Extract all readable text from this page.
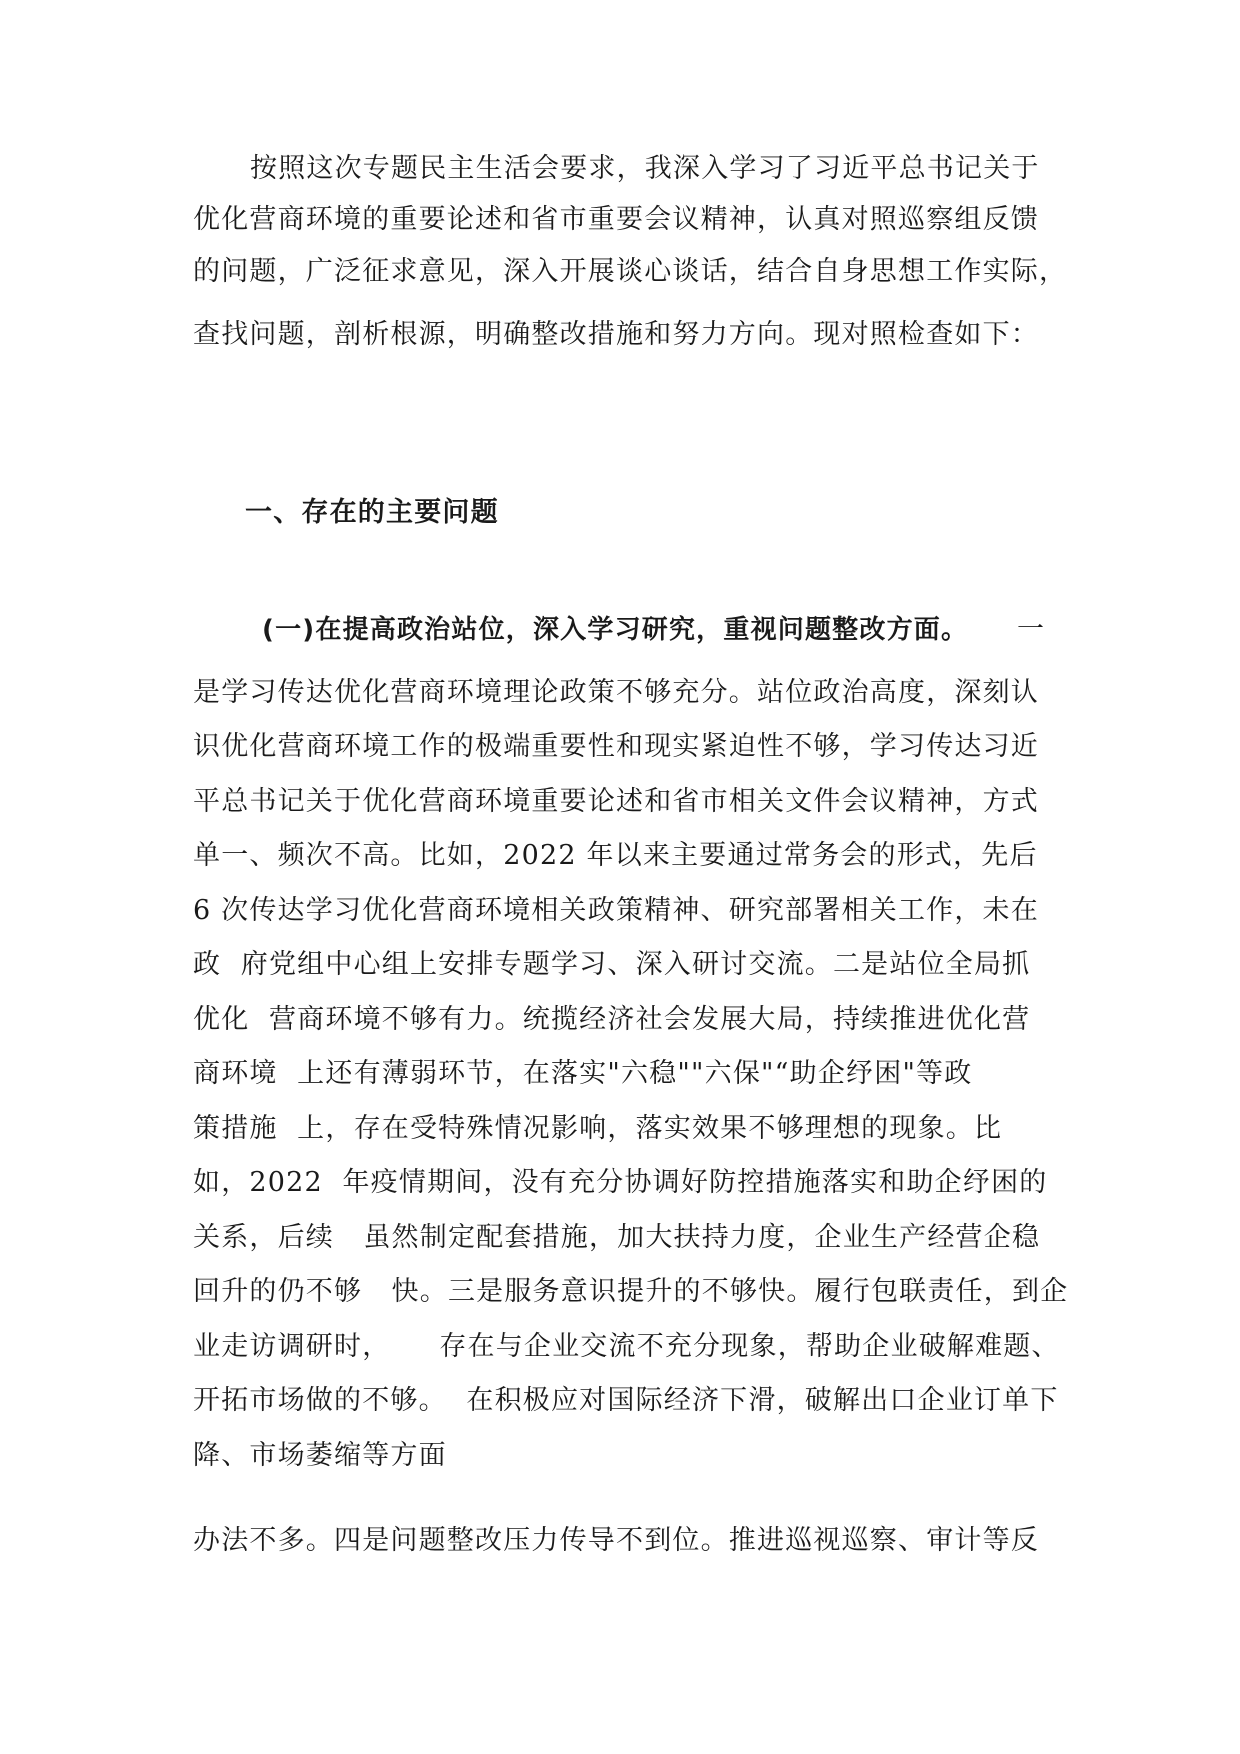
按照这次专题民主生活会要求，我深入学习了习近平总书记关于
优化营商环境的重要论述和省市重要会议精神，认真对照巡察组反馈
的问题，广泛征求意见，深入开展谈心谈话，结合自身思想工作实际，
查找问题，剖析根源，明确整改措施和努力方向。现对照检查如下：
一、存在的主要问题
(一)在提高政治站位，深入学习研究，重视问题整改方面。 一
是学习传达优化营商环境理论政策不够充分。站位政治高度，深刻认
识优化营商环境工作的极端重要性和现实紧迫性不够，学习传达习近
平总书记关于优化营商环境重要论述和省市相关文件会议精神，方式
单一、频次不高。比如，2022 年以来主要通过常务会的形式，先后
6 次传达学习优化营商环境相关政策精神、研究部署相关工作，未在
政  府党组中心组上安排专题学习、深入研讨交流。二是站位全局抓
优化  营商环境不够有力。统揽经济社会发展大局，持续推进优化营
商环境  上还有薄弱环节，在落实"六稳""六保"“助企纾困"等政
策措施  上，存在受特殊情况影响，落实效果不够理想的现象。比
如，2022  年疫情期间，没有充分协调好防控措施落实和助企纾困的
关系，后续   虽然制定配套措施，加大扶持力度，企业生产经营企稳
回升的仍不够   快。三是服务意识提升的不够快。履行包联责任，到企
业走访调研时，     存在与企业交流不充分现象，帮助企业破解难题、
开拓市场做的不够。  在积极应对国际经济下滑，破解出口企业订单下
降、市场萎缩等方面
办法不多。四是问题整改压力传导不到位。推进巡视巡察、审计等反
